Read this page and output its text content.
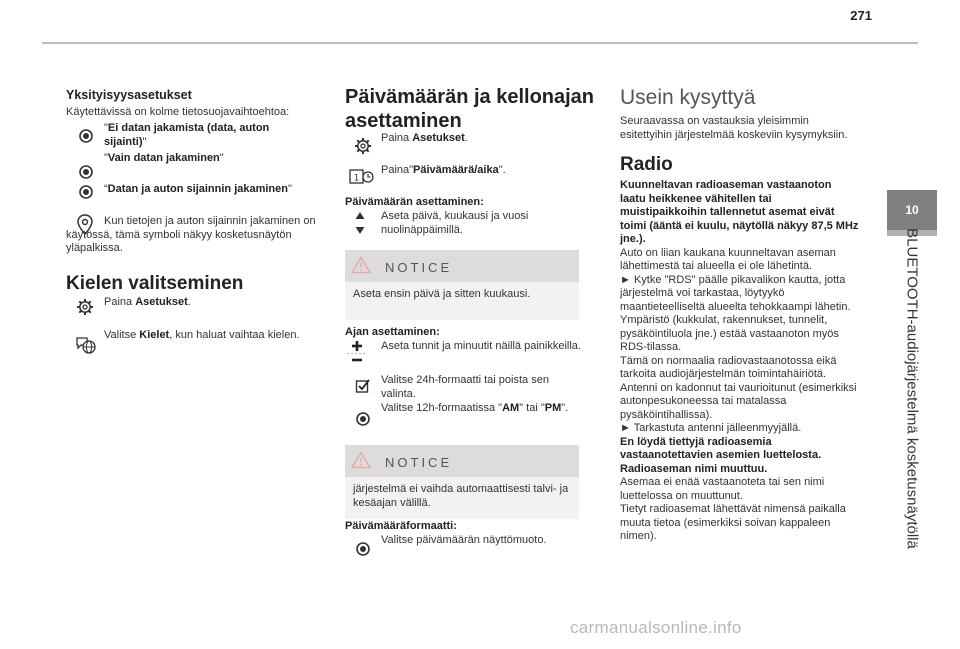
271
10
BLUETOOTH-audiojärjestelmä kosketusnäytöllä
Yksityisyysasetukset
Käytettävissä on kolme tietosuojavaihtoehtoa:
"Ei datan jakamista (data, auton sijainti)"
"Vain datan jakaminen"
“Datan ja auton sijainnin jakaminen"
Kun tietojen ja auton sijainnin jakaminen on käytössä, tämä symboli näkyy kosketusnäytön yläpalkissa.
Kielen valitseminen
Paina Asetukset.
Valitse Kielet, kun haluat vaihtaa kielen.
Päivämäärän ja kellonajan
asettaminen
Paina Asetukset.
1
Paina"Päivämäärä/aika".
Päivämäärän asettaminen:
Aseta päivä, kuukausi ja vuosi nuolinäppäimillä.
NOTICE
Aseta ensin päivä ja sitten kuukausi.
Ajan asettaminen:
Aseta tunnit ja minuutit näillä painikkeilla.
Valitse 24h-formaatti tai poista sen valinta.
Valitse 12h-formaatissa "AM" tai "PM".
NOTICE
järjestelmä ei vaihda automaattisesti talvi- ja kesäajan välillä.
Päivämääräformaatti:
Valitse päivämäärän näyttömuoto.
Usein kysyttyä
Seuraavassa on vastauksia yleisimmin esitettyihin järjestelmää koskeviin kysymyksiin.
Radio
Kuunneltavan radioaseman vastaanoton laatu heikkenee vähitellen tai muistipaikkoihin tallennetut asemat eivät toimi (ääntä ei kuulu, näytöllä näkyy 87,5 MHz jne.).
Auto on liian kaukana kuunneltavan aseman lähettimestä tai alueella ei ole lähetintä.
► Kytke "RDS" päälle pikavalikon kautta, jotta järjestelmä voi tarkastaa, löytyykö maantieteelliseltä alueelta tehokkaampi lähetin.
Ympäristö (kukkulat, rakennukset, tunnelit, pysäköintiluola jne.) estää vastaanoton myös RDS-tilassa.
Tämä on normaalia radiovastaanotossa eikä tarkoita audiojärjestelmän toimintahäiriötä.
Antenni on kadonnut tai vaurioitunut (esimerkiksi autonpesukoneessa tai matalassa pysäköintihallissa).
► Tarkastuta antenni jälleenmyyjällä.
En löydä tiettyjä radioasemia vastaanotettavien asemien luettelosta. Radioaseman nimi muuttuu.
Asemaa ei enää vastaanoteta tai sen nimi luettelossa on muuttunut.
Tietyt radioasemat lähettävät nimensä paikalla muuta tietoa (esimerkiksi soivan kappaleen nimen).
carmanualsonline.info
